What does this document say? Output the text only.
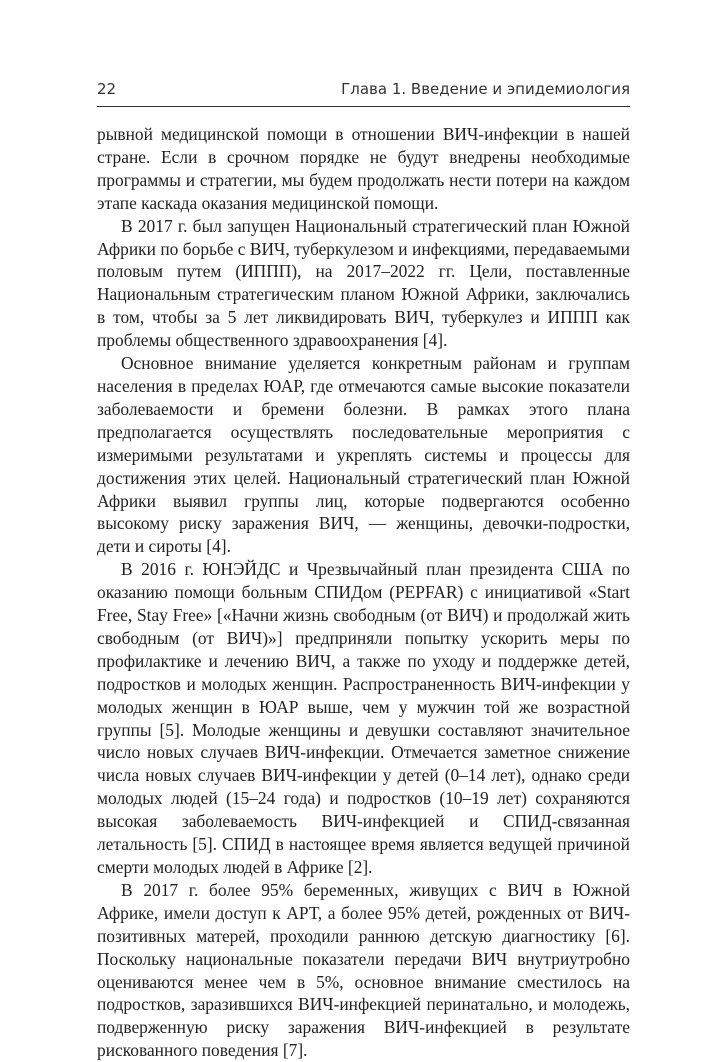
22	Глава 1. Введение и эпидемиология

рывной медицинской помощи в отношении ВИЧ-инфекции в нашей стране. Если в срочном порядке не будут внедрены необходимые программы и стратегии, мы будем продолжать нести потери на каждом этапе каскада оказания медицинской помощи.

В 2017 г. был запущен Национальный стратегический план Южной Африки по борьбе с ВИЧ, туберкулезом и инфекциями, передаваемыми половым путем (ИППП), на 2017–2022 гг. Цели, поставленные Национальным стратегическим планом Южной Африки, заключались в том, чтобы за 5 лет ликвидировать ВИЧ, туберкулез и ИППП как проблемы общественного здравоохранения [4].

Основное внимание уделяется конкретным районам и группам населения в пределах ЮАР, где отмечаются самые высокие показатели заболеваемости и бремени болезни. В рамках этого плана предполагается осуществлять последовательные мероприятия с измеримыми результатами и укреплять системы и процессы для достижения этих целей. Национальный стратегический план Южной Африки выявил группы лиц, которые подвергаются особенно высокому риску заражения ВИЧ, — женщины, девочки-подростки, дети и сироты [4].

В 2016 г. ЮНЭЙДС и Чрезвычайный план президента США по оказанию помощи больным СПИДом (PEPFAR) с инициативой «Start Free, Stay Free» [«Начни жизнь свободным (от ВИЧ) и продолжай жить свободным (от ВИЧ)»] предприняли попытку ускорить меры по профилактике и лечению ВИЧ, а также по уходу и поддержке детей, подростков и молодых женщин. Распространенность ВИЧ-инфекции у молодых женщин в ЮАР выше, чем у мужчин той же возрастной группы [5]. Молодые женщины и девушки составляют значительное число новых случаев ВИЧ-инфекции. Отмечается заметное снижение числа новых случаев ВИЧ-инфекции у детей (0–14 лет), однако среди молодых людей (15–24 года) и подростков (10–19 лет) сохраняются высокая заболеваемость ВИЧ-инфекцией и СПИД-связанная летальность [5]. СПИД в настоящее время является ведущей причиной смерти молодых людей в Африке [2].

В 2017 г. более 95% беременных, живущих с ВИЧ в Южной Африке, имели доступ к АРТ, а более 95% детей, рожденных от ВИЧ-позитивных матерей, проходили раннюю детскую диагностику [6]. Поскольку национальные показатели передачи ВИЧ внутриутробно оцениваются менее чем в 5%, основное внимание сместилось на подростков, заразившихся ВИЧ-инфекцией перинатально, и молодежь, подверженную риску заражения ВИЧ-инфекцией в результате рискованного поведения [7].
